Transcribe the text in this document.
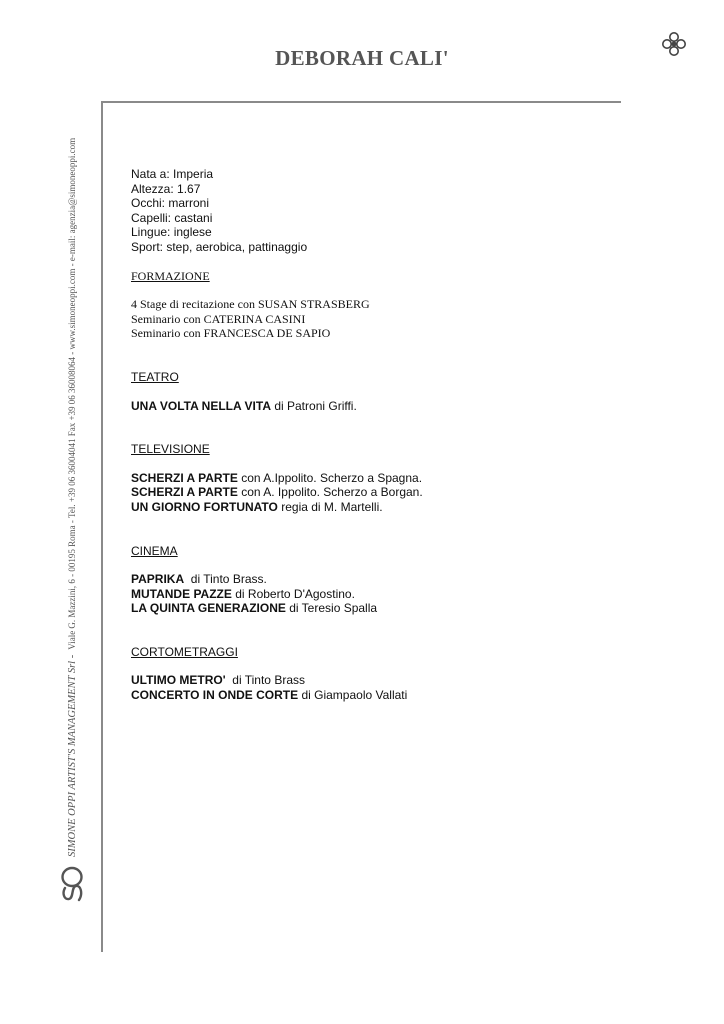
DEBORAH CALI'
SIMONE OPPI ARTIST'S MANAGEMENT Srl -
Viale G. Mazzini, 6 - 00195 Roma - Tel. +39 06 36004041 Fax +39 06 36008064 - www.simoneoppi.com - e-mail: agenzia@simoneoppi.com	Nata a: Imperia
Altezza: 1.67
Occhi: marroni
Capelli: castani
Lingue: inglese
Sport: step, aerobica, pattinaggio
FORMAZIONE
4 Stage di recitazione con SUSAN STRASBERG
Seminario con CATERINA CASINI
Seminario con FRANCESCA DE SAPIO
TEATRO
UNA VOLTA NELLA VITA di Patroni Griffi.
TELEVISIONE
SCHERZI A PARTE con A.Ippolito. Scherzo a Spagna.
SCHERZI A PARTE con A. Ippolito. Scherzo a Borgan.
UN GIORNO FORTUNATO regia di M. Martelli.
CINEMA
PAPRIKA  di Tinto Brass.
MUTANDE PAZZE di Roberto D'Agostino.
LA QUINTA GENERAZIONE di Teresio Spalla
CORTOMETRAGGI
ULTIMO METRO'  di Tinto Brass
CONCERTO IN ONDE CORTE di Giampaolo Vallati
